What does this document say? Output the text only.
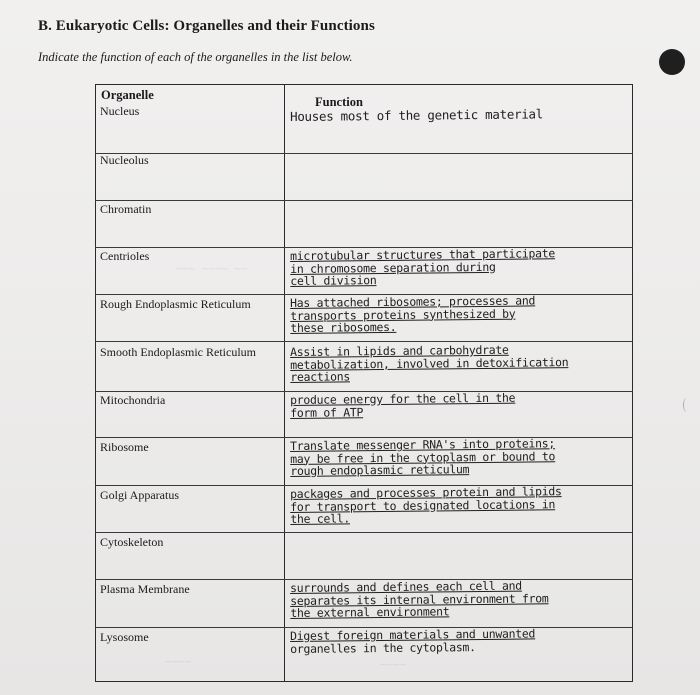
B. Eukaryotic Cells: Organelles and their Functions
Indicate the function of each of the organelles in the list below.
~~~ ~~~~ ~~
~~~~	~~~~
Organelle	Function
Nucleus
Nucleolus
Chromatin
Centrioles
Rough Endoplasmic Reticulum
Smooth Endoplasmic Reticulum
Mitochondria
Ribosome
Golgi Apparatus
Cytoskeleton
Plasma Membrane
Lysosome
Houses most of the genetic material
microtubular structures that participate
in chromosome separation during
cell division
Has attached ribosomes; processes and
transports proteins synthesized by
these ribosomes.
Assist in lipids and carbohydrate
metabolization, involved in detoxification
reactions
produce energy for the cell in the
form of ATP
Translate messenger RNA's into proteins;
may be free in the cytoplasm or bound to
rough endoplasmic reticulum
packages and processes protein and lipids
for transport to designated locations in
the cell.
surrounds and defines each cell and
separates its internal environment from
the external environment
Digest foreign materials and unwanted
organelles in the cytoplasm.
